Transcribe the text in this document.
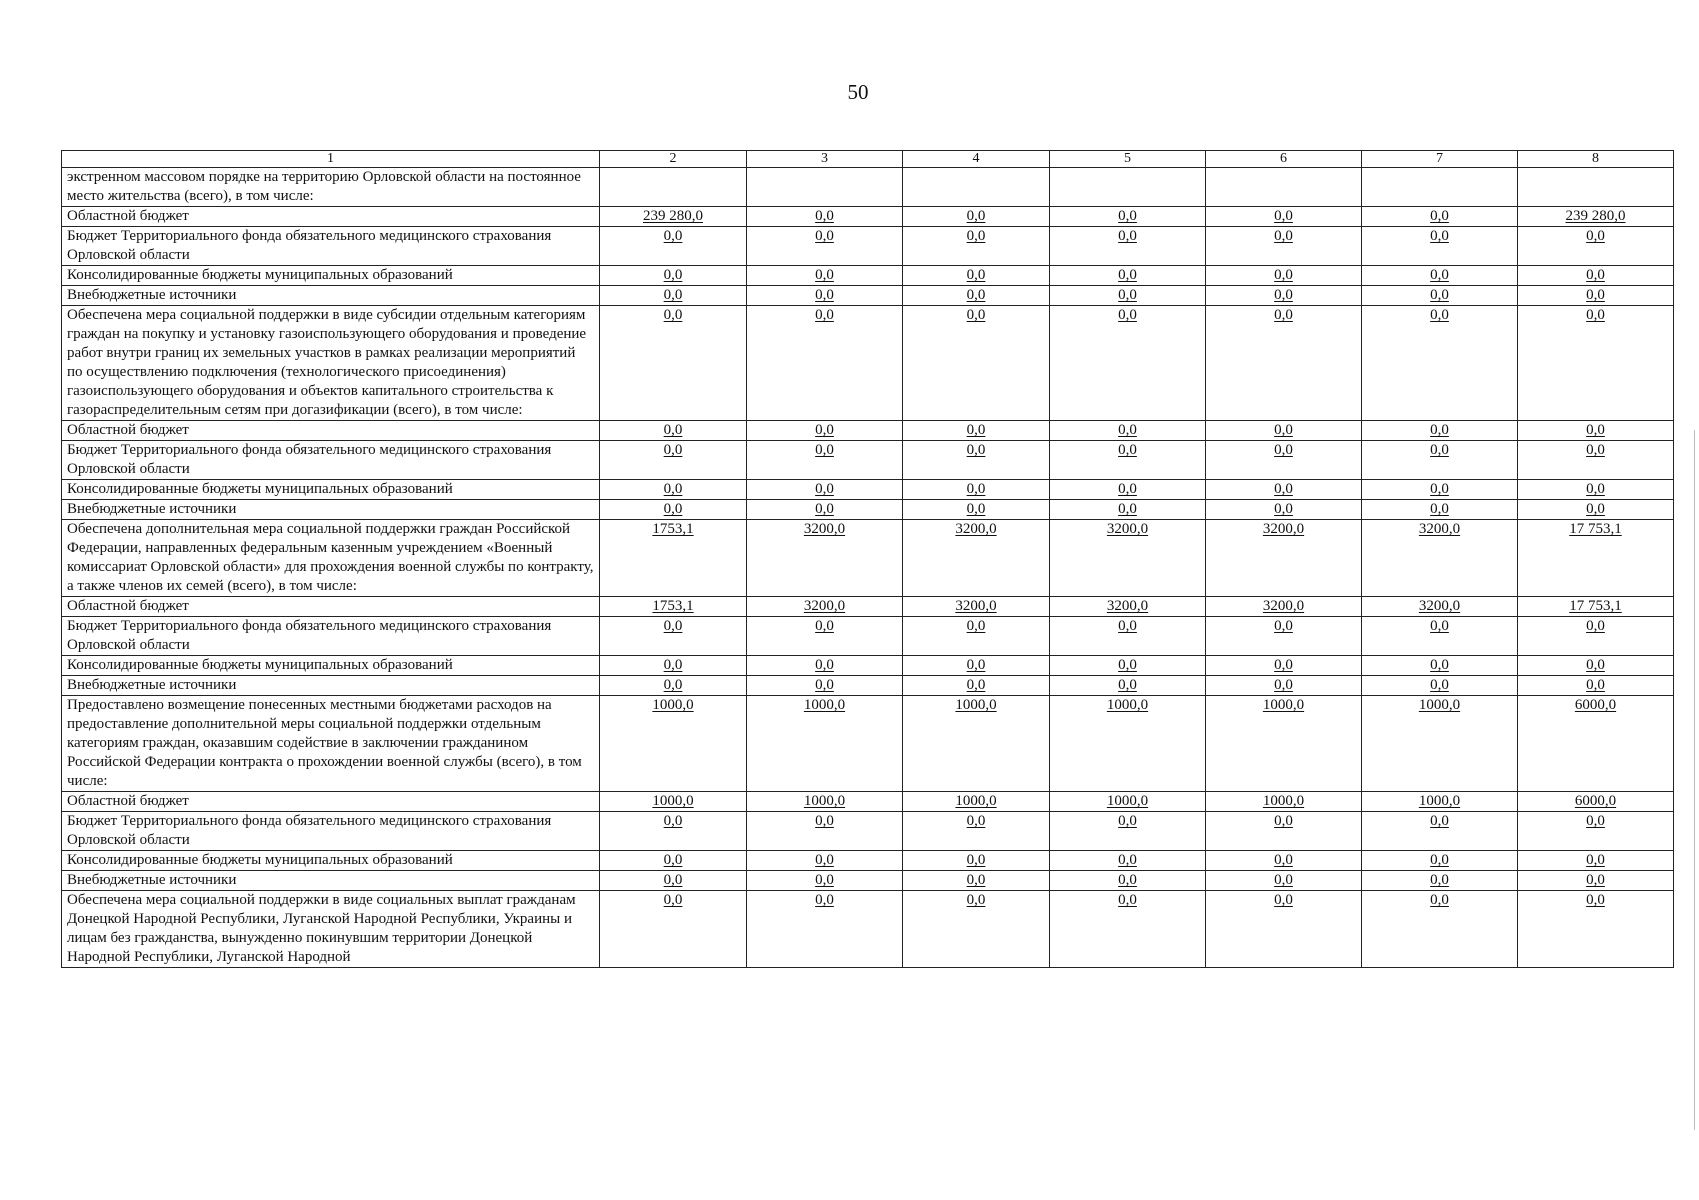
50
1	2	3	4	5	6	7	8
экстренном массовом порядке на территорию Орловской области на постоянное место жительства (всего), в том числе:							
Областной бюджет	239 280,0	0,0	0,0	0,0	0,0	0,0	239 280,0
Бюджет Территориального фонда обязательного медицинского страхования Орловской области	0,0	0,0	0,0	0,0	0,0	0,0	0,0
Консолидированные бюджеты муниципальных образований	0,0	0,0	0,0	0,0	0,0	0,0	0,0
Внебюджетные источники	0,0	0,0	0,0	0,0	0,0	0,0	0,0
Обеспечена мера социальной поддержки в виде субсидии отдельным категориям граждан на покупку и установку газоиспользующего оборудования и проведение работ внутри границ их земельных участков в рамках реализации мероприятий по осуществлению подключения (технологического присоединения) газоиспользующего оборудования и объектов капитального строительства к газораспределительным сетям при догазификации (всего), в том числе:	0,0	0,0	0,0	0,0	0,0	0,0	0,0
Областной бюджет	0,0	0,0	0,0	0,0	0,0	0,0	0,0
Бюджет Территориального фонда обязательного медицинского страхования Орловской области	0,0	0,0	0,0	0,0	0,0	0,0	0,0
Консолидированные бюджеты муниципальных образований	0,0	0,0	0,0	0,0	0,0	0,0	0,0
Внебюджетные источники	0,0	0,0	0,0	0,0	0,0	0,0	0,0
Обеспечена дополнительная мера социальной поддержки граждан Российской Федерации, направленных федеральным казенным учреждением «Военный комиссариат Орловской области» для прохождения военной службы по контракту, а также членов их семей (всего), в том числе:	1753,1	3200,0	3200,0	3200,0	3200,0	3200,0	17 753,1
Областной бюджет	1753,1	3200,0	3200,0	3200,0	3200,0	3200,0	17 753,1
Бюджет Территориального фонда обязательного медицинского страхования Орловской области	0,0	0,0	0,0	0,0	0,0	0,0	0,0
Консолидированные бюджеты муниципальных образований	0,0	0,0	0,0	0,0	0,0	0,0	0,0
Внебюджетные источники	0,0	0,0	0,0	0,0	0,0	0,0	0,0
Предоставлено возмещение понесенных местными бюджетами расходов на предоставление дополнительной меры социальной поддержки отдельным категориям граждан, оказавшим содействие в заключении гражданином Российской Федерации контракта о прохождении военной службы (всего), в том числе:	1000,0	1000,0	1000,0	1000,0	1000,0	1000,0	6000,0
Областной бюджет	1000,0	1000,0	1000,0	1000,0	1000,0	1000,0	6000,0
Бюджет Территориального фонда обязательного медицинского страхования Орловской области	0,0	0,0	0,0	0,0	0,0	0,0	0,0
Консолидированные бюджеты муниципальных образований	0,0	0,0	0,0	0,0	0,0	0,0	0,0
Внебюджетные источники	0,0	0,0	0,0	0,0	0,0	0,0	0,0
Обеспечена мера социальной поддержки в виде социальных выплат гражданам Донецкой Народной Республики, Луганской Народной Республики, Украины и лицам без гражданства, вынужденно покинувшим территории Донецкой Народной Республики, Луганской Народной	0,0	0,0	0,0	0,0	0,0	0,0	0,0
